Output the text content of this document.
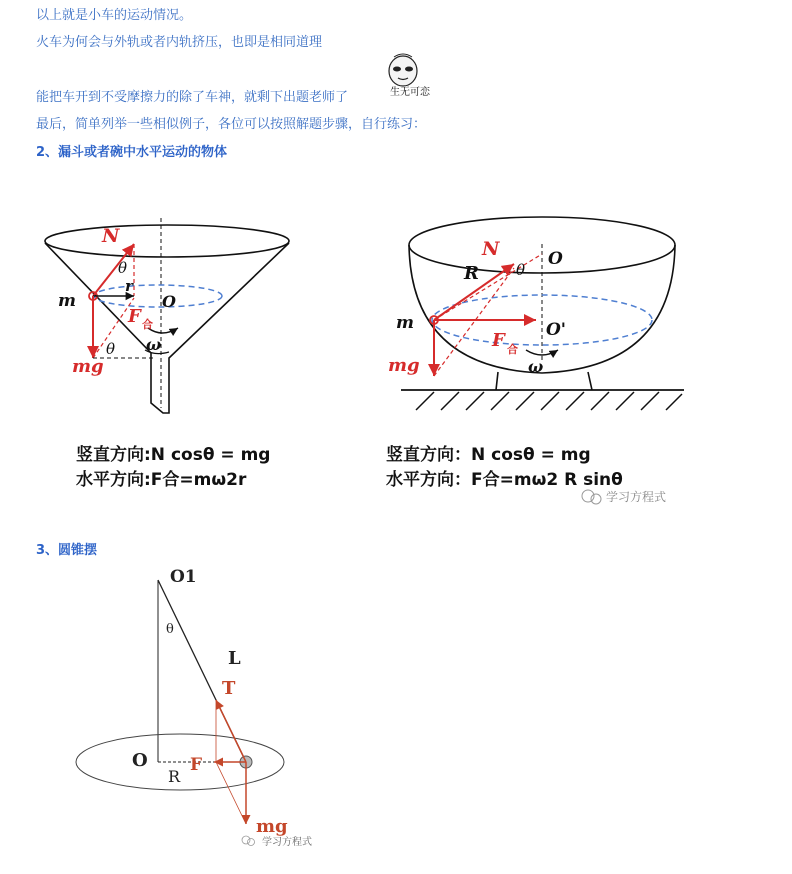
以上就是小车的运动情况。
火车为何会与外轨或者内轨挤压，也即是相同道理
能把车开到不受摩擦力的除了车神，就剩下出题老师了
最后，简单列举一些相似例子，各位可以按照解题步骤，自行练习：
2、漏斗或者碗中水平运动的物体
生无可恋
N
θ
r
O
m
F 合
ω
θ
mg
竖直方向:N cosθ = mg
水平方向:F合=mω2r
N
R θ
O
O'
m
F 合
mg	ω
竖直方向：N cosθ = mg
水平方向：F合=mω2 R sinθ
学习方程式
3、圆锥摆
O1
θ
L
T
O
R
F
mg
学习方程式
